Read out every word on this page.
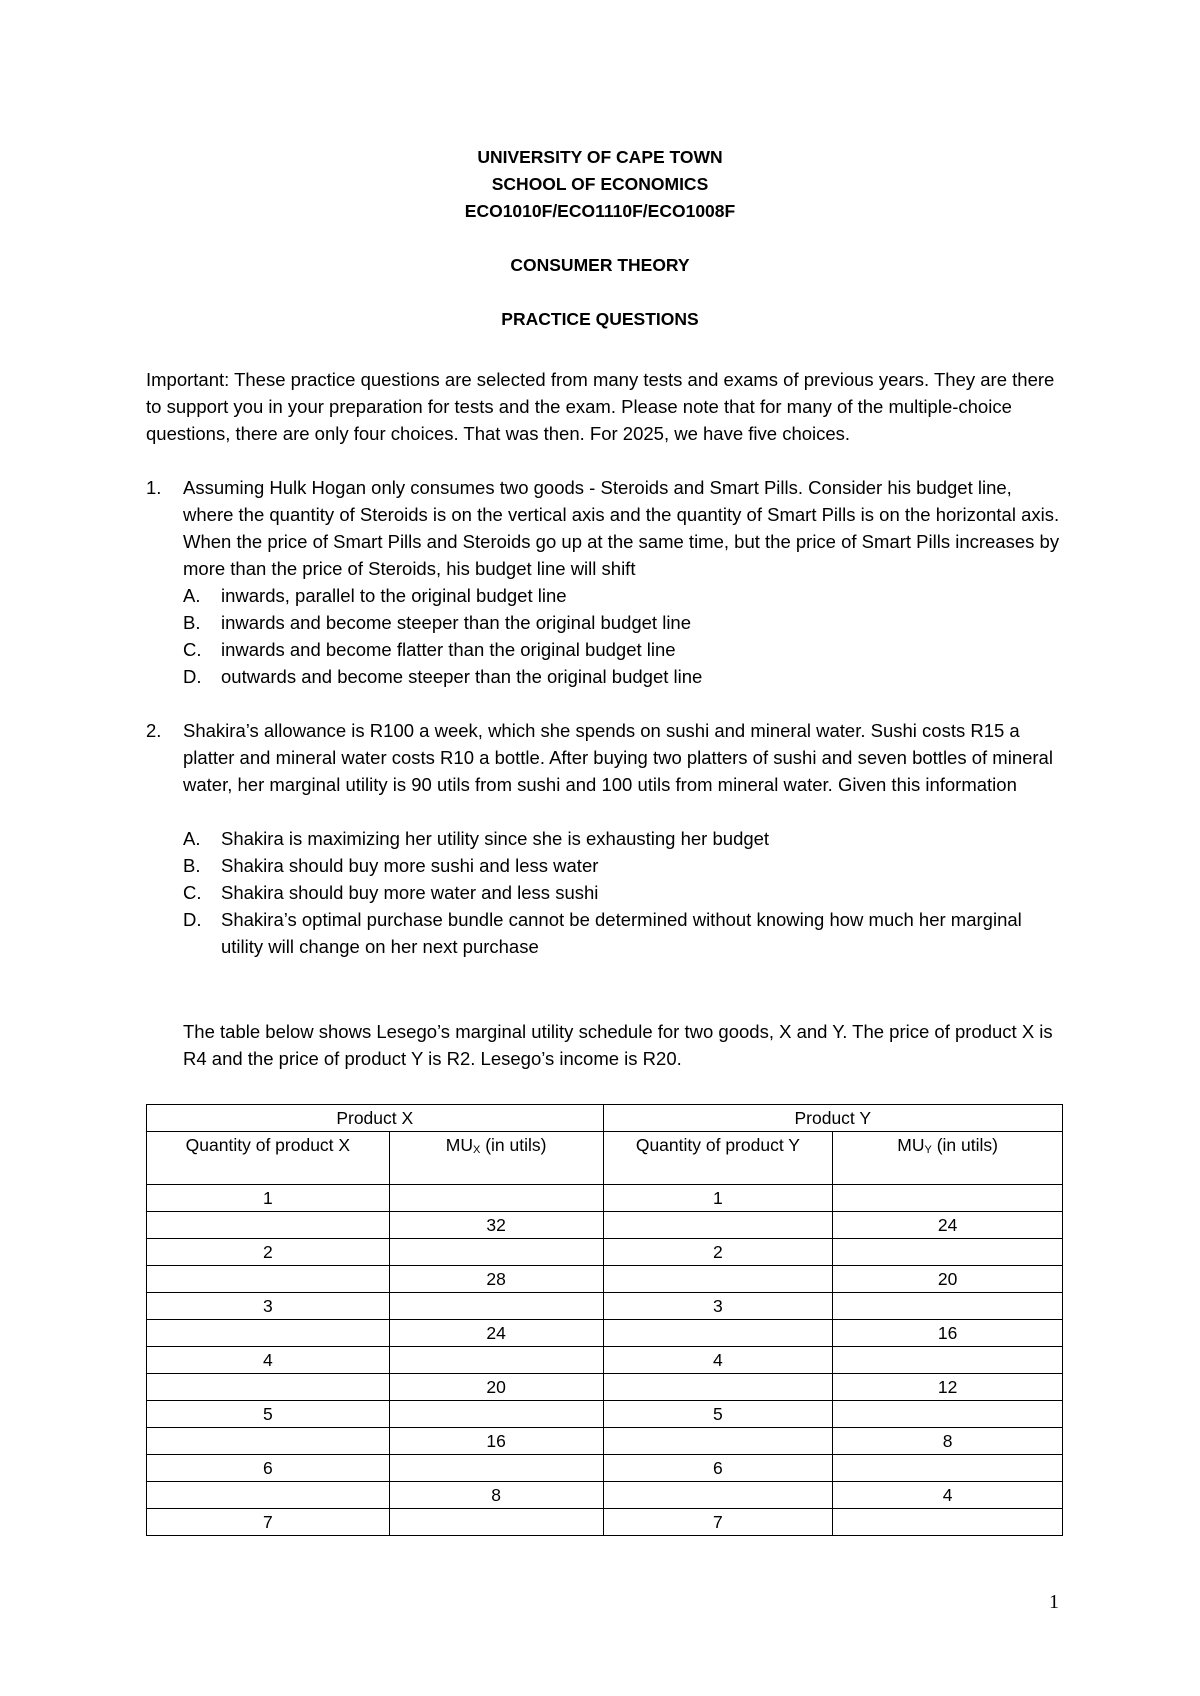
UNIVERSITY OF CAPE TOWN
SCHOOL OF ECONOMICS
ECO1010F/ECO1110F/ECO1008F
CONSUMER THEORY
PRACTICE QUESTIONS
Important: These practice questions are selected from many tests and exams of previous years. They are there to support you in your preparation for tests and the exam. Please note that for many of the multiple-choice questions, there are only four choices. That was then. For 2025, we have five choices.
1. Assuming Hulk Hogan only consumes two goods - Steroids and Smart Pills. Consider his budget line, where the quantity of Steroids is on the vertical axis and the quantity of Smart Pills is on the horizontal axis. When the price of Smart Pills and Steroids go up at the same time, but the price of Smart Pills increases by more than the price of Steroids, his budget line will shift
A. inwards, parallel to the original budget line
B. inwards and become steeper than the original budget line
C. inwards and become flatter than the original budget line
D. outwards and become steeper than the original budget line
2. Shakira’s allowance is R100 a week, which she spends on sushi and mineral water. Sushi costs R15 a platter and mineral water costs R10 a bottle. After buying two platters of sushi and seven bottles of mineral water, her marginal utility is 90 utils from sushi and 100 utils from mineral water. Given this information
A. Shakira is maximizing her utility since she is exhausting her budget
B. Shakira should buy more sushi and less water
C. Shakira should buy more water and less sushi
D. Shakira’s optimal purchase bundle cannot be determined without knowing how much her marginal utility will change on her next purchase
The table below shows Lesego’s marginal utility schedule for two goods, X and Y. The price of product X is R4 and the price of product Y is R2. Lesego’s income is R20.
Product X		Product Y	
Quantity of product X	MUX (in utils)	Quantity of product Y	MUY (in utils)
1		1	
	32		24
2		2	
	28		20
3		3	
	24		16
4		4	
	20		12
5		5	
	16		8
6		6	
	8		4
7		7	
1
